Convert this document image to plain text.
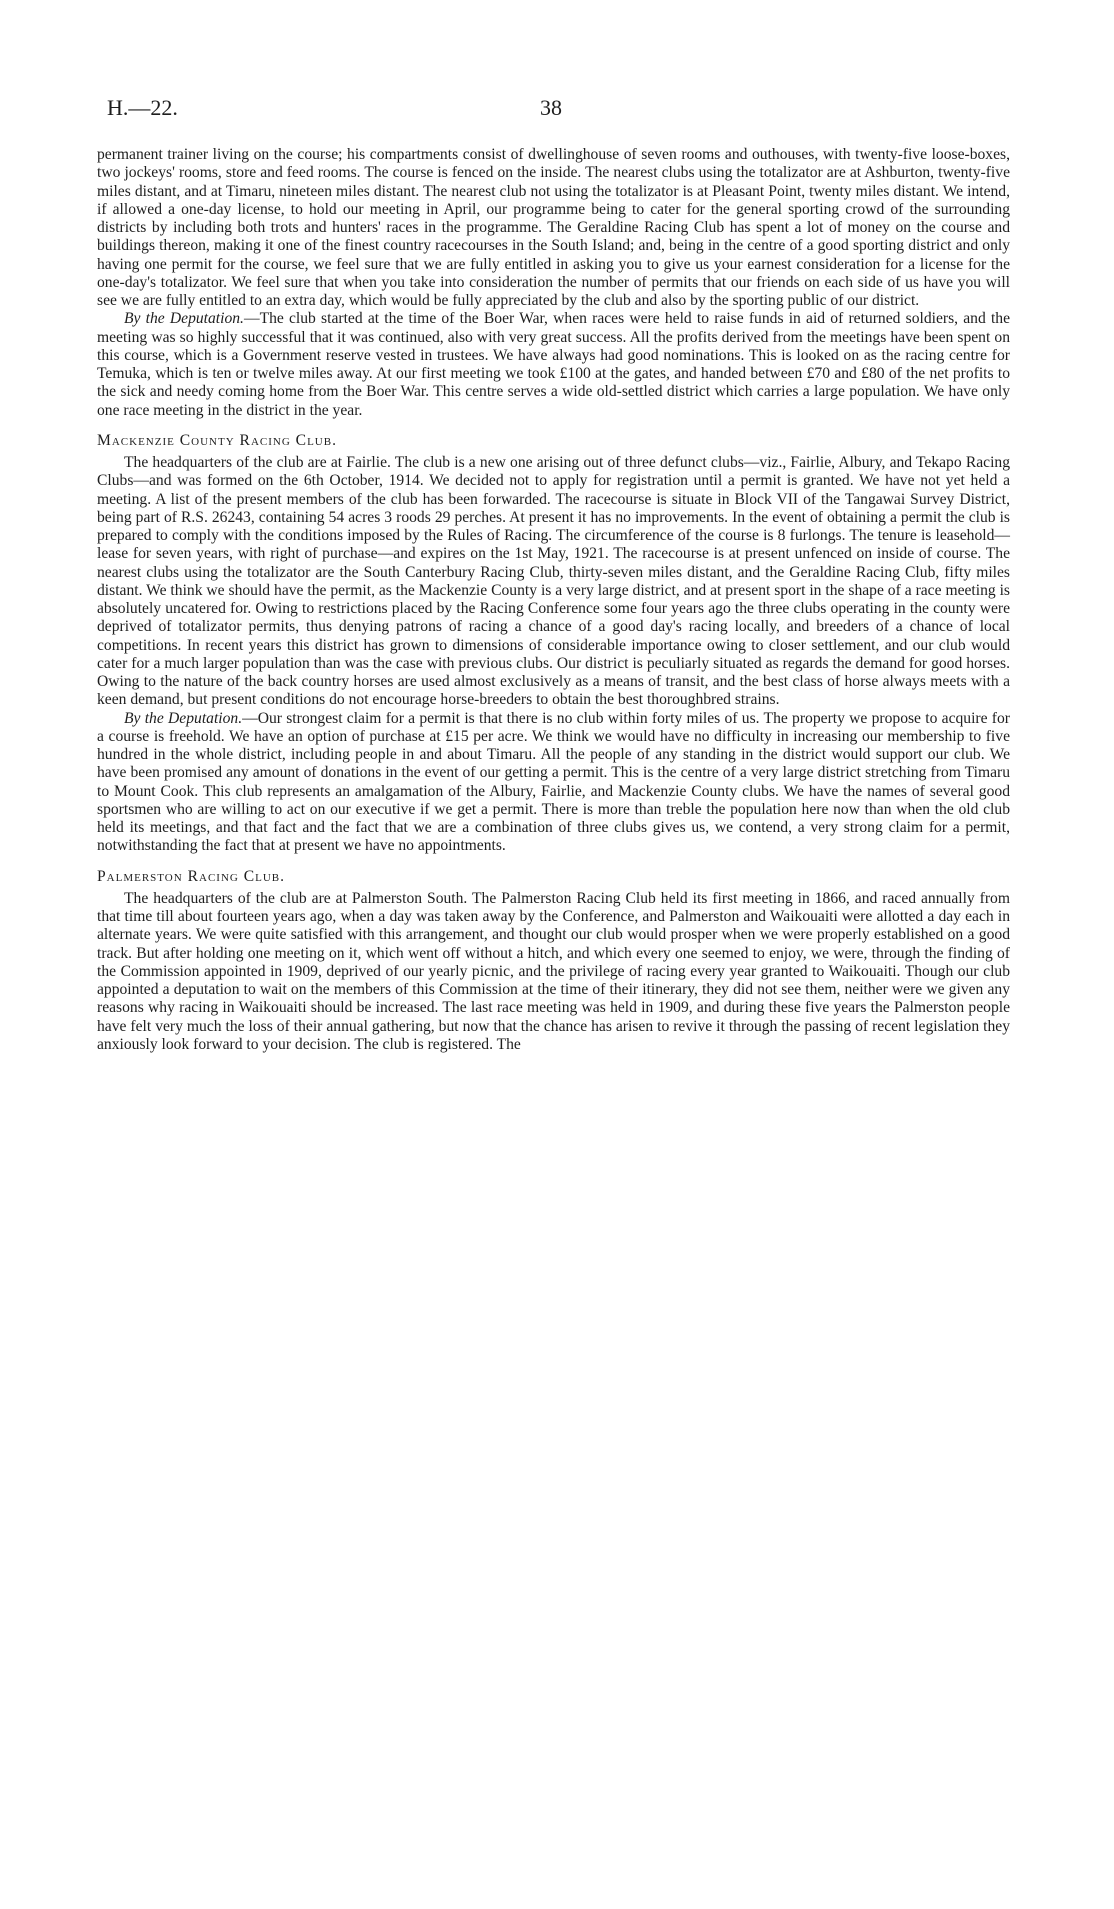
H.—22.	38

permanent trainer living on the course; his compartments consist of dwellinghouse of seven rooms and outhouses, with twenty-five loose-boxes, two jockeys' rooms, store and feed rooms. The course is fenced on the inside. The nearest clubs using the totalizator are at Ashburton, twenty-five miles distant, and at Timaru, nineteen miles distant. The nearest club not using the totalizator is at Pleasant Point, twenty miles distant. We intend, if allowed a one-day license, to hold our meeting in April, our programme being to cater for the general sporting crowd of the surrounding districts by including both trots and hunters' races in the programme. The Geraldine Racing Club has spent a lot of money on the course and buildings thereon, making it one of the finest country racecourses in the South Island; and, being in the centre of a good sporting district and only having one permit for the course, we feel sure that we are fully entitled in asking you to give us your earnest consideration for a license for the one-day's totalizator. We feel sure that when you take into consideration the number of permits that our friends on each side of us have you will see we are fully entitled to an extra day, which would be fully appreciated by the club and also by the sporting public of our district.

By the Deputation.—The club started at the time of the Boer War, when races were held to raise funds in aid of returned soldiers, and the meeting was so highly successful that it was continued, also with very great success. All the profits derived from the meetings have been spent on this course, which is a Government reserve vested in trustees. We have always had good nominations. This is looked on as the racing centre for Temuka, which is ten or twelve miles away. At our first meeting we took £100 at the gates, and handed between £70 and £80 of the net profits to the sick and needy coming home from the Boer War. This centre serves a wide old-settled district which carries a large population. We have only one race meeting in the district in the year.

Mackenzie County Racing Club.

The headquarters of the club are at Fairlie. The club is a new one arising out of three defunct clubs—viz., Fairlie, Albury, and Tekapo Racing Clubs—and was formed on the 6th October, 1914. We decided not to apply for registration until a permit is granted. We have not yet held a meeting. A list of the present members of the club has been forwarded. The racecourse is situate in Block VII of the Tangawai Survey District, being part of R.S. 26243, containing 54 acres 3 roods 29 perches. At present it has no improvements. In the event of obtaining a permit the club is prepared to comply with the conditions imposed by the Rules of Racing. The circumference of the course is 8 furlongs. The tenure is leasehold—lease for seven years, with right of purchase—and expires on the 1st May, 1921. The racecourse is at present unfenced on inside of course. The nearest clubs using the totalizator are the South Canterbury Racing Club, thirty-seven miles distant, and the Geraldine Racing Club, fifty miles distant. We think we should have the permit, as the Mackenzie County is a very large district, and at present sport in the shape of a race meeting is absolutely uncatered for. Owing to restrictions placed by the Racing Conference some four years ago the three clubs operating in the county were deprived of totalizator permits, thus denying patrons of racing a chance of a good day's racing locally, and breeders of a chance of local competitions. In recent years this district has grown to dimensions of considerable importance owing to closer settlement, and our club would cater for a much larger population than was the case with previous clubs. Our district is peculiarly situated as regards the demand for good horses. Owing to the nature of the back country horses are used almost exclusively as a means of transit, and the best class of horse always meets with a keen demand, but present conditions do not encourage horse-breeders to obtain the best thoroughbred strains.

By the Deputation.—Our strongest claim for a permit is that there is no club within forty miles of us. The property we propose to acquire for a course is freehold. We have an option of purchase at £15 per acre. We think we would have no difficulty in increasing our membership to five hundred in the whole district, including people in and about Timaru. All the people of any standing in the district would support our club. We have been promised any amount of donations in the event of our getting a permit. This is the centre of a very large district stretching from Timaru to Mount Cook. This club represents an amalgamation of the Albury, Fairlie, and Mackenzie County clubs. We have the names of several good sportsmen who are willing to act on our executive if we get a permit. There is more than treble the population here now than when the old club held its meetings, and that fact and the fact that we are a combination of three clubs gives us, we contend, a very strong claim for a permit, notwithstanding the fact that at present we have no appointments.

Palmerston Racing Club.

The headquarters of the club are at Palmerston South. The Palmerston Racing Club held its first meeting in 1866, and raced annually from that time till about fourteen years ago, when a day was taken away by the Conference, and Palmerston and Waikouaiti were allotted a day each in alternate years. We were quite satisfied with this arrangement, and thought our club would prosper when we were properly established on a good track. But after holding one meeting on it, which went off without a hitch, and which every one seemed to enjoy, we were, through the finding of the Commission appointed in 1909, deprived of our yearly picnic, and the privilege of racing every year granted to Waikouaiti. Though our club appointed a deputation to wait on the members of this Commission at the time of their itinerary, they did not see them, neither were we given any reasons why racing in Waikouaiti should be increased. The last race meeting was held in 1909, and during these five years the Palmerston people have felt very much the loss of their annual gathering, but now that the chance has arisen to revive it through the passing of recent legislation they anxiously look forward to your decision. The club is registered. The
